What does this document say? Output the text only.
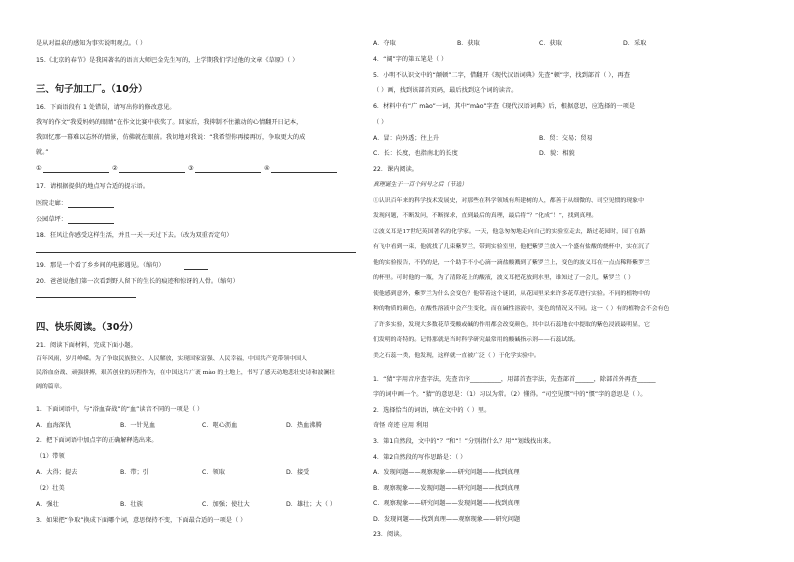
是从对温泉的感知为事实说明观点。（ ）
15.《北京的春节》是我国著名的语言大师巴金先生写的，上学期我们学过他的文章《草原》（ ）
三、句子加工厂。（10分）
16．下面语段有 1 处错误，请写出你的修改意见。
我写的作文“我爱妈妈的眼睛”在作文比赛中获奖了。回家后，我抑制不住激动的心情翻开日记本，
我回忆那一幕难以忘怀的情景，仿佛就在眼前。我切地对我说：“我希望你再接再厉，争取更大的成
就。”
①	②	③	④
17．请根据提供的地点写合适的提示语。
医院走廊：
公园草坪：
18．狂风让你感受这样生活，并且一天一天过下去。（改为双重否定句）
19．那是一个看了乡乡间的电影遇见。（缩句）
20．爸爸说他们第一次看到野人留下的生长的痕迹和惊讶的人骨。（缩句）
四、快乐阅读。（30分）
21．阅读下面材料，完成下面小题。
百年风雨，岁月峥嵘。为了争取民族独立、人民解放，实现国家富强、人民幸福，中国共产党带领中国人
民浴血奋战、顽强拼搏，艰苦创业的历程作为，在中国这片广袤 mào 的土地上，书写了感天动地悲壮史诗和波澜壮
阔的篇章。
1．下面词语中，与“浴血奋战”的“血”读音不同的一项是（ ）
A．血海深仇	B．一针见血	C．呕心沥血	D．热血沸腾
2．把下面词语中加点字的正确解释选出来。
（1）带领
A．大得；提去	B．带；引	C．领取	D．接受
（2）壮美
A．强壮	B．壮族	C．加强；使壮大	D．雄壮；大（ ）
3．如果把“争取”换成下面哪个词，意思保持不变，下面最合适的一项是（ ）
A．夺取	B．获取	C．获取	D．采取
4．“阔”字的第五笔是（ ）
5．小明不认识文中的“颠顿”二字，借翻开《现代汉语词典》先查“顿”字，找到部首（ ），再查
（ ）画，找到该部首页码，最后找到这个词的读音。
6．材料中有“广 mào”一词，其中“mào”字查《现代汉语词典》后，根据意思，应选择的一项是
（ ）
A．冒：向外透；往上升	B．贸：交易；贸易
C．长：长度，也指南北的长度	D．貌：相貌
22．课内阅读。
真理诞生于一百个问号之后（节选）
①认识百年来的科学技术发展史，对那些在科学领域有所建树的人，都善于从细微的、司空见惯的现象中
发现问题，不断发问，不断探求，直到最后的真理，最后将“？”化成“！”，找到真理。
②波义耳是17世纪英国著名的化学家。一天，他急匆匆地走向自己的实验室走去，路过花园时，园丁在路
有飞中看到一束，他就找了几束紫罗兰，带到实验室里，他把紫罗兰放入一个盛有盐酸的烧杯中，实在沉了
他的实验报告，不仍的是，一个助手不小心滴一滴盐酸溅到了紫罗兰上，变色的波义耳在一点点稀释紫罗兰
的杯里。可时他的一瓶，为了清除花上的酸液，波义耳把花放到水里，谁知过了一会儿，紫罗兰（ ）
使他感到意外，紫罗兰为什么会变色？他带着这个谜团，从花园里采来许多花草进行实验。不同的植物中的
种的物质的颜色，在酸性溶液中会产生变化，而在碱性溶液中，变色的情况又不同。这一（ ）有的植物会不会有色
了许多实验，发现大多数花草受酸或碱的作用都会改变颜色，其中以石蕊地衣中提取的紫色浸液最明显，它
们发明的奇特的。记得那就是当时科学研究最常用的酸碱指示剂——石蕊试纸。
美之石蕊一类，他发现，这样就一直被广泛（ ）于化学实验中。
1．“猜”字用音序查字法，先查音序__________，用部首查字法，先查部首______，除部首外再查______
字的词中画一个。“猜”的意思是：（1）习以为常。（2）懂得。“司空见惯”中的“惯”字的意思是（ ）。
2．选择恰当的词语，填在文中的（ ）里。
奇怪 奇迹 应用 利用
3．第1自然段，文中的“？”和“！”分别指什么？用“”划线找出来。
4．第2自然段的写作思路是：（ ）
A．发现问题——观察现象——研究问题——找到真理
B．观察现象——发现问题——研究问题——找到真理
C．观察现象——研究问题——发现问题——找到真理
D．发现问题——找到真理——观察现象——研究问题
23．阅读。
